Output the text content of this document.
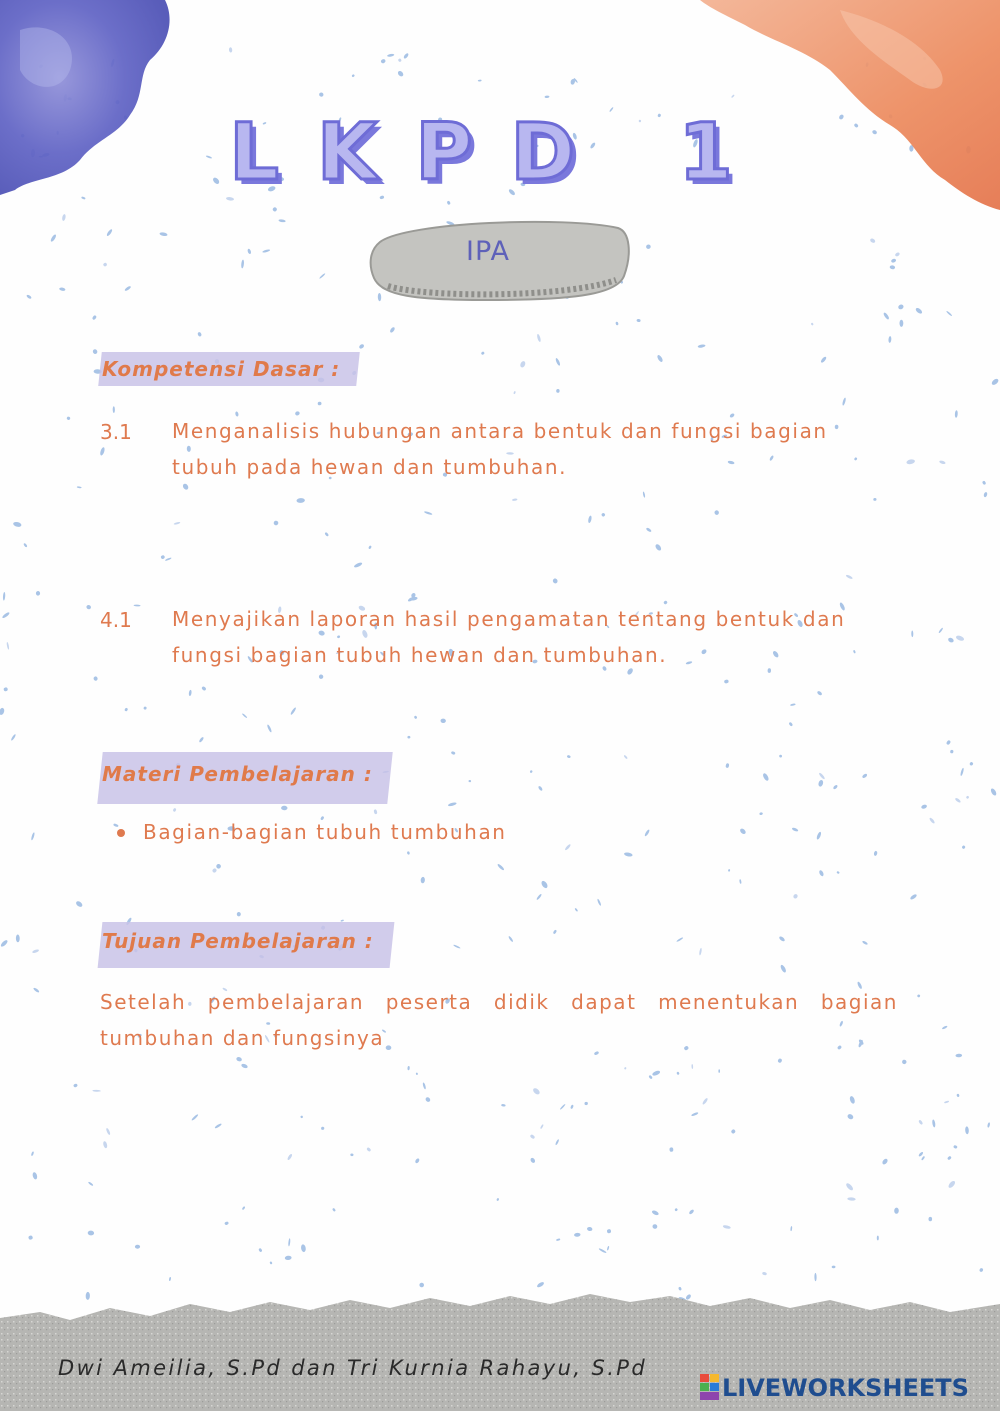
LKPD 1
IPA
Kompetensi Dasar :
3.1 Menganalisis hubungan antara bentuk dan fungsi bagian
tubuh pada hewan dan tumbuhan.
4.1 Menyajikan laporan hasil pengamatan tentang bentuk dan
fungsi bagian tubuh hewan dan tumbuhan.
Materi Pembelajaran :
Bagian-bagian tubuh tumbuhan
Tujuan Pembelajaran :
Setelah pembelajaran peserta didik dapat menentukan bagian tumbuhan dan fungsinya
Dwi Ameilia, S.Pd dan Tri Kurnia Rahayu, S.Pd
LIVEWORKSHEETS
